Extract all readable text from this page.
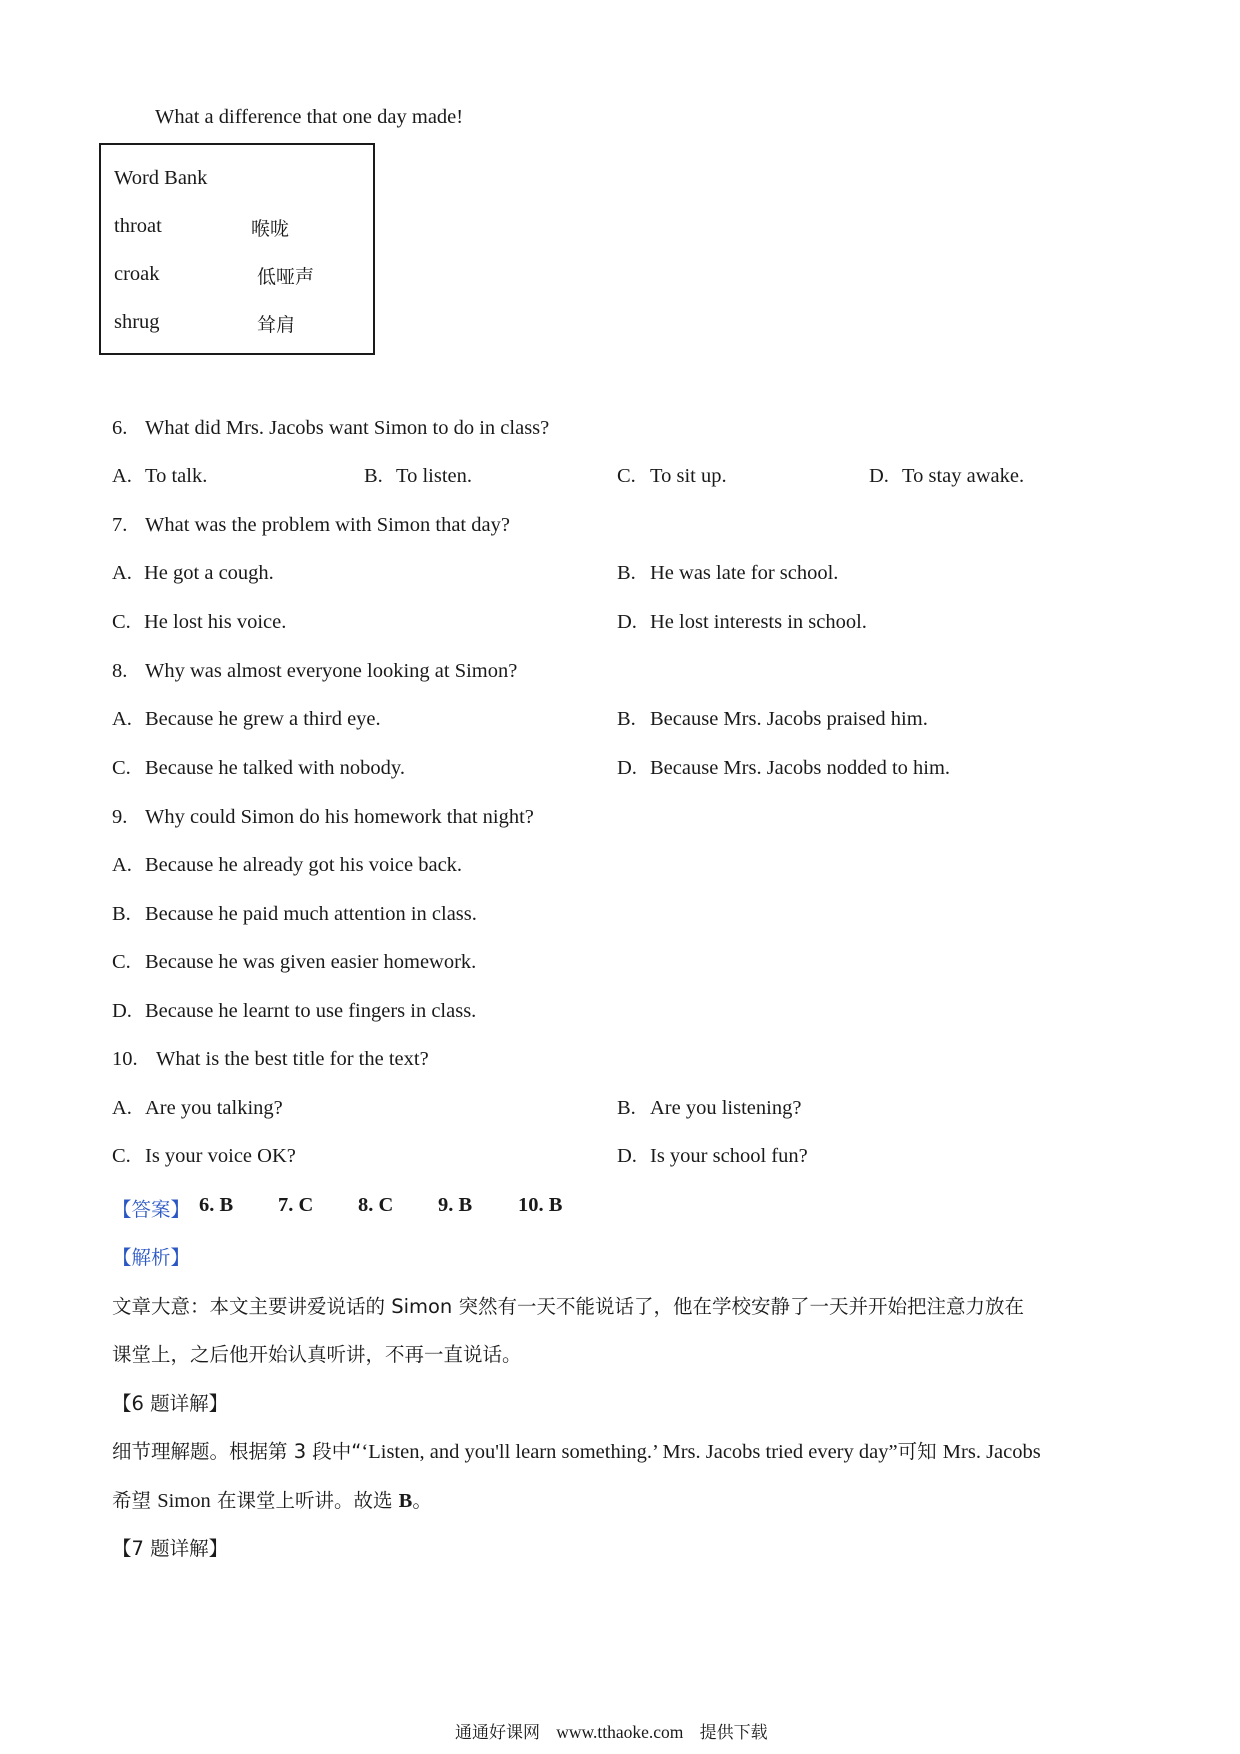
What a difference that one day made!
Word Bank
throat	喉咙
croak	低哑声
shrug	耸肩
6. What did Mrs. Jacobs want Simon to do in class?
A. To talk.	B. To listen.	C. To sit up.	D. To stay awake.
7. What was the problem with Simon that day?
A. He got a cough.	B. He was late for school.
C. He lost his voice.	D. He lost interests in school.
8. Why was almost everyone looking at Simon?
A. Because he grew a third eye.	B. Because Mrs. Jacobs praised him.
C. Because he talked with nobody.	D. Because Mrs. Jacobs nodded to him.
9. Why could Simon do his homework that night?
A. Because he already got his voice back.
B. Because he paid much attention in class.
C. Because he was given easier homework.
D. Because he learnt to use fingers in class.
10. What is the best title for the text?
A. Are you talking?	B. Are you listening?
C. Is your voice OK?	D. Is your school fun?
【答案】 6. B 7. C 8. C 9. B 10. B
【解析】
文章大意：本文主要讲爱说话的 Simon 突然有一天不能说话了，他在学校安静了一天并开始把注意力放在
课堂上，之后他开始认真听讲，不再一直说话。
【6 题详解】
细节理解题。根据第 3 段中“‘Listen, and you'll learn something.’ Mrs. Jacobs tried every day”可知 Mrs. Jacobs
希望 Simon 在课堂上听讲。故选 B。
【7 题详解】
通通好课网 www.tthaoke.com 提供下载
